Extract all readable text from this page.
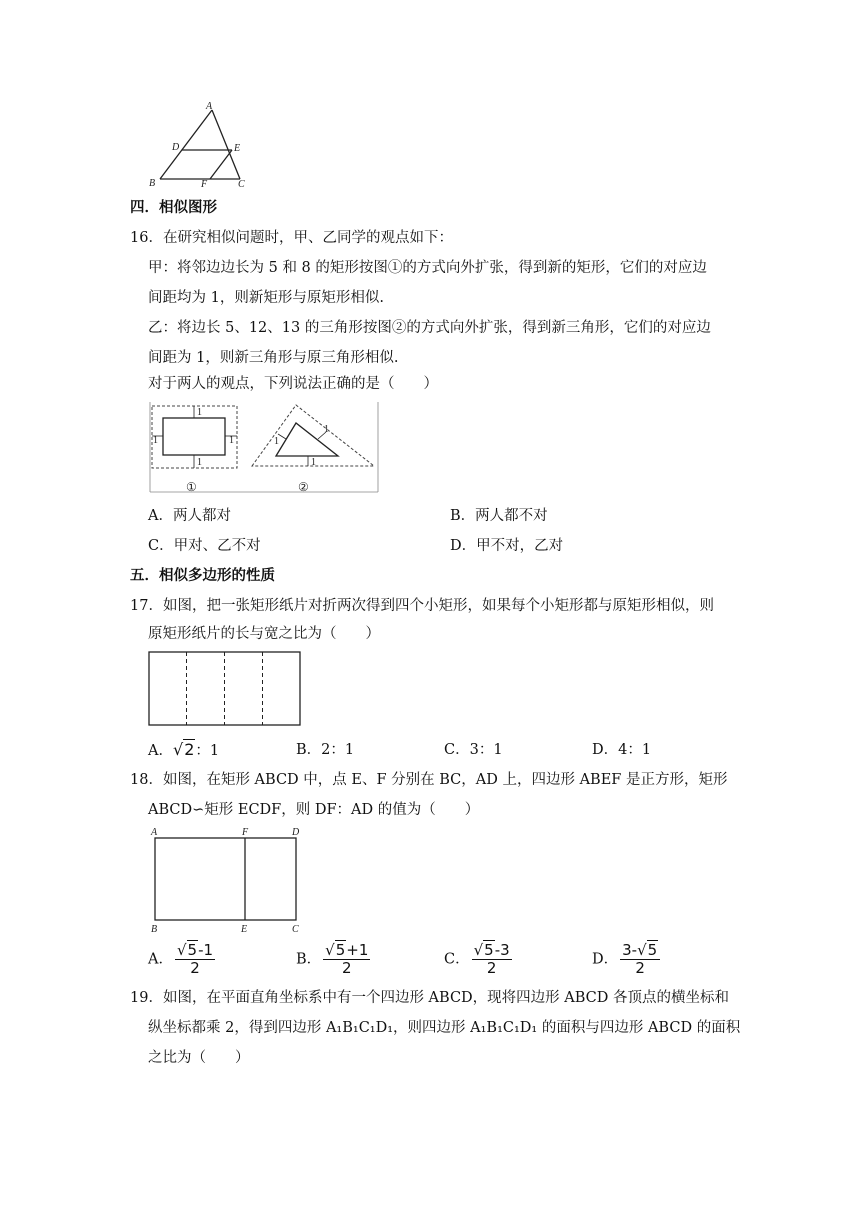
A
D	E
B	F	C
四．相似图形
16．在研究相似问题时，甲、乙同学的观点如下：
甲：将邻边边长为 5 和 8 的矩形按图①的方式向外扩张，得到新的矩形，它们的对应边
间距均为 1，则新矩形与原矩形相似.
乙：将边长 5、12、13 的三角形按图②的方式向外扩张，得到新三角形，它们的对应边
间距为 1，则新三角形与原三角形相似.
对于两人的观点，下列说法正确的是（　　）
1
1
1	1	1
1
1
①	②
A．两人都对	B．两人都不对
C．甲对、乙不对	D．甲不对，乙对
五．相似多边形的性质
17．如图，把一张矩形纸片对折两次得到四个小矩形，如果每个小矩形都与原矩形相似，则
原矩形纸片的长与宽之比为（　　）
A．√2：1	B．2：1	C．3：1	D．4：1
18．如图，在矩形 ABCD 中，点 E、F 分别在 BC，AD 上，四边形 ABEF 是正方形，矩形
ABCD∽矩形 ECDF，则 DF：AD 的值为（　　）
A	F	D
B	E	C
A． $\frac{√5-1}{2}$	B． $\frac{√5+1}{2}$	C． $\frac{√5-3}{2}$	D． $\frac{3-√5}{2}$
19．如图，在平面直角坐标系中有一个四边形 ABCD，现将四边形 ABCD 各顶点的横坐标和
纵坐标都乘 2，得到四边形 A₁B₁C₁D₁，则四边形 A₁B₁C₁D₁ 的面积与四边形 ABCD 的面积
之比为（　　）
